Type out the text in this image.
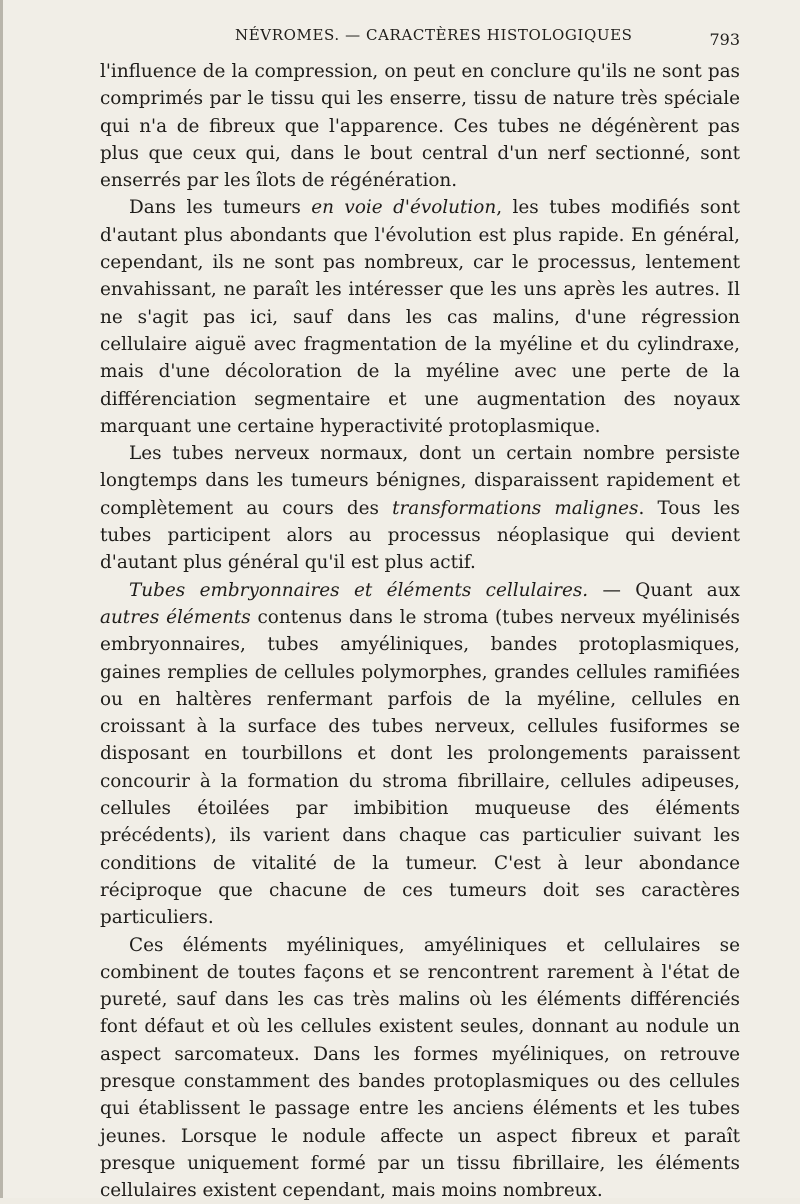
NÉVROMES. — CARACTÈRES HISTOLOGIQUES	793

l'influence de la compression, on peut en conclure qu'ils ne sont pas comprimés par le tissu qui les enserre, tissu de nature très spéciale qui n'a de fibreux que l'apparence. Ces tubes ne dégénèrent pas plus que ceux qui, dans le bout central d'un nerf sectionné, sont enserrés par les îlots de régénération.

Dans les tumeurs en voie d'évolution, les tubes modifiés sont d'autant plus abondants que l'évolution est plus rapide. En général, cependant, ils ne sont pas nombreux, car le processus, lentement envahissant, ne paraît les intéresser que les uns après les autres. Il ne s'agit pas ici, sauf dans les cas malins, d'une régression cellulaire aiguë avec fragmentation de la myéline et du cylindraxe, mais d'une décoloration de la myéline avec une perte de la différenciation segmentaire et une augmentation des noyaux marquant une certaine hyperactivité protoplasmique.

Les tubes nerveux normaux, dont un certain nombre persiste longtemps dans les tumeurs bénignes, disparaissent rapidement et complètement au cours des transformations malignes. Tous les tubes participent alors au processus néoplasique qui devient d'autant plus général qu'il est plus actif.

Tubes embryonnaires et éléments cellulaires. — Quant aux autres éléments contenus dans le stroma (tubes nerveux myélinisés embryonnaires, tubes amyéliniques, bandes protoplasmiques, gaines remplies de cellules polymorphes, grandes cellules ramifiées ou en haltères renfermant parfois de la myéline, cellules en croissant à la surface des tubes nerveux, cellules fusiformes se disposant en tourbillons et dont les prolongements paraissent concourir à la formation du stroma fibrillaire, cellules adipeuses, cellules étoilées par imbibition muqueuse des éléments précédents), ils varient dans chaque cas particulier suivant les conditions de vitalité de la tumeur. C'est à leur abondance réciproque que chacune de ces tumeurs doit ses caractères particuliers.

Ces éléments myéliniques, amyéliniques et cellulaires se combinent de toutes façons et se rencontrent rarement à l'état de pureté, sauf dans les cas très malins où les éléments différenciés font défaut et où les cellules existent seules, donnant au nodule un aspect sarcomateux. Dans les formes myéliniques, on retrouve presque constamment des bandes protoplasmiques ou des cellules qui établissent le passage entre les anciens éléments et les tubes jeunes. Lorsque le nodule affecte un aspect fibreux et paraît presque uniquement formé par un tissu fibrillaire, les éléments cellulaires existent cependant, mais moins nombreux.
